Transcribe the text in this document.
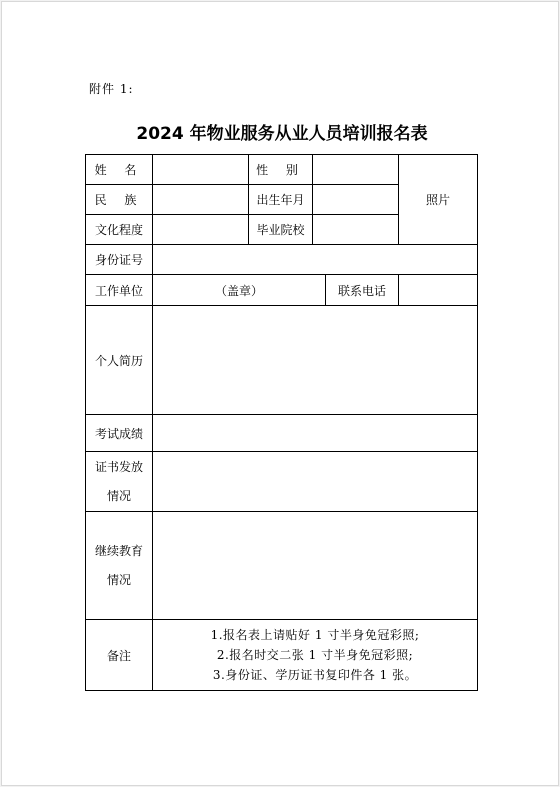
附件 1:
2024 年物业服务从业人员培训报名表
姓 名		性 别			照片
民 族		出生年月			
文化程度		毕业院校			
身份证号					
工作单位	（盖章）			联系电话	
个人简历					
考试成绩					
证书发放
情况					
继续教育
情况					
备注	1.报名表上请贴好 1 寸半身免冠彩照;
2.报名时交二张 1 寸半身免冠彩照;
3.身份证、学历证书复印件各 1 张。				
